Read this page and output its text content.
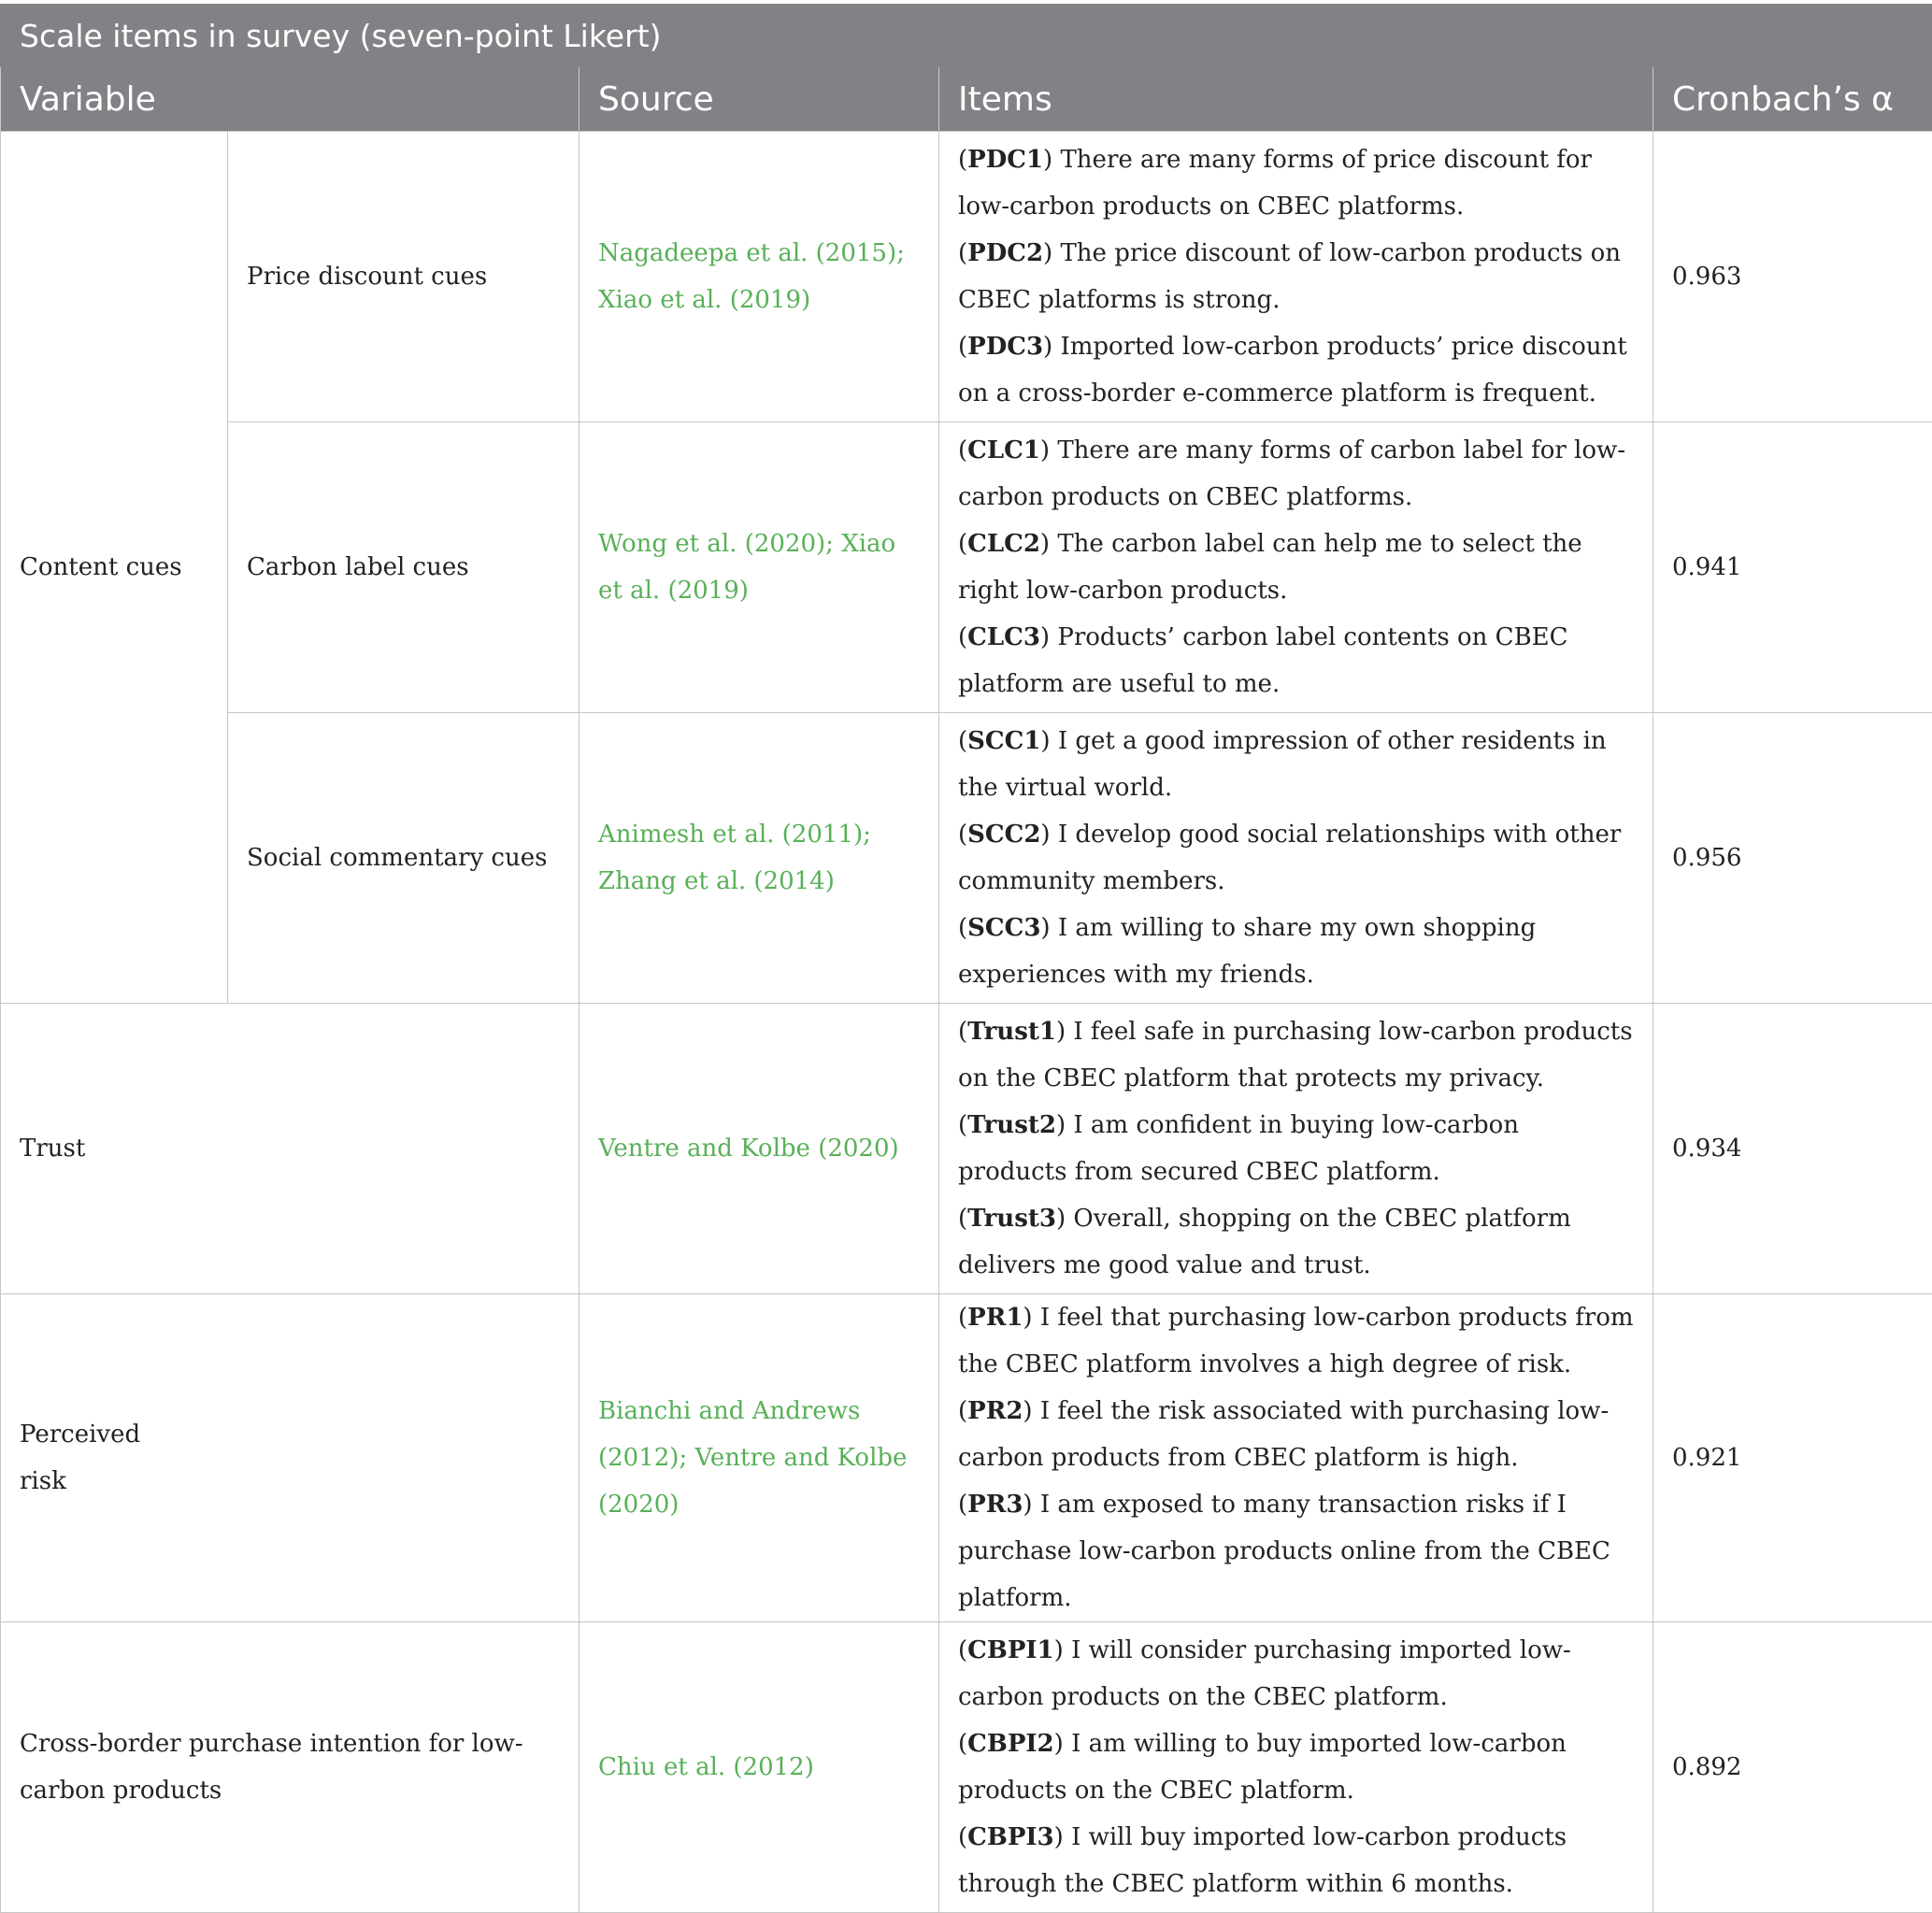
Scale items in survey (seven-point Likert)				
Variable		Source	Items	Cronbach’s α
Content cues	Price discount cues	Nagadeepa et al. (2015); Xiao et al. (2019)	(PDC1) There are many forms of price discount for low-carbon products on CBEC platforms.
(PDC2) The price discount of low-carbon products on CBEC platforms is strong.
(PDC3) Imported low-carbon products’ price discount on a cross-border e-commerce platform is frequent.	0.963
	Carbon label cues	Wong et al. (2020); Xiao et al. (2019)	(CLC1) There are many forms of carbon label for low-carbon products on CBEC platforms.
(CLC2) The carbon label can help me to select the right low-carbon products.
(CLC3) Products’ carbon label contents on CBEC platform are useful to me.	0.941
	Social commentary cues	Animesh et al. (2011); Zhang et al. (2014)	(SCC1) I get a good impression of other residents in the virtual world.
(SCC2) I develop good social relationships with other community members.
(SCC3) I am willing to share my own shopping experiences with my friends.	0.956
Trust		Ventre and Kolbe (2020)	(Trust1) I feel safe in purchasing low-carbon products on the CBEC platform that protects my privacy.
(Trust2) I am confident in buying low-carbon products from secured CBEC platform.
(Trust3) Overall, shopping on the CBEC platform delivers me good value and trust.	0.934
Perceived risk		Bianchi and Andrews (2012); Ventre and Kolbe (2020)	(PR1) I feel that purchasing low-carbon products from the CBEC platform involves a high degree of risk.
(PR2) I feel the risk associated with purchasing low-carbon products from CBEC platform is high.
(PR3) I am exposed to many transaction risks if I purchase low-carbon products online from the CBEC platform.	0.921
Cross-border purchase intention for low-carbon products		Chiu et al. (2012)	(CBPI1) I will consider purchasing imported low-carbon products on the CBEC platform.
(CBPI2) I am willing to buy imported low-carbon products on the CBEC platform.
(CBPI3) I will buy imported low-carbon products through the CBEC platform within 6 months.	0.892
